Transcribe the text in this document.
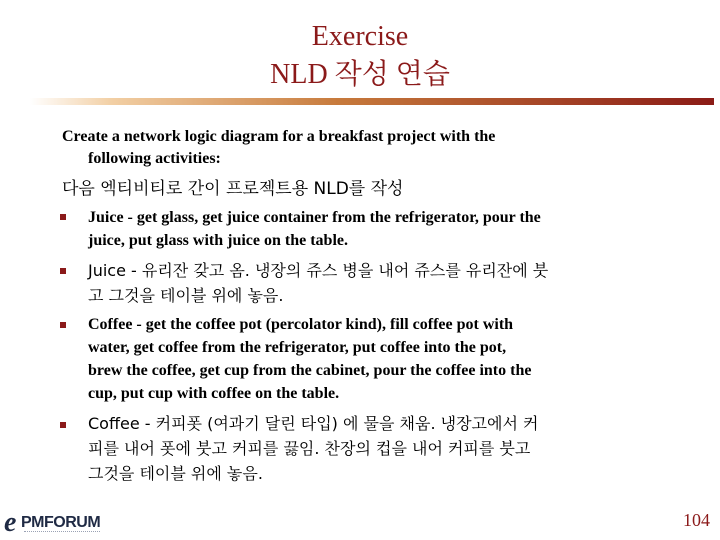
Exercise
NLD 작성 연습
Create a network logic diagram for a breakfast project with the
following activities:
다음 엑티비티로 간이 프로젝트용 NLD를 작성
Juice - get glass, get juice container from the refrigerator, pour the
juice, put glass with juice on the table.
Juice - 유리잔 갖고 옴. 냉장의 쥬스 병을 내어 쥬스를 유리잔에 붓
고 그것을 테이블 위에 놓음.
Coffee - get the coffee pot (percolator kind), fill coffee pot with
water, get coffee from the refrigerator, put coffee into the pot,
brew the coffee, get cup from the cabinet, pour the coffee into the
cup, put cup with coffee on the table.
Coffee - 커피폿 (여과기 달린 타입) 에 물을 채움. 냉장고에서 커
피를 내어 폿에 붓고 커피를 끓임. 찬장의 컵을 내어 커피를 붓고
그것을 테이블 위에 놓음.
e PMFORUM	104
